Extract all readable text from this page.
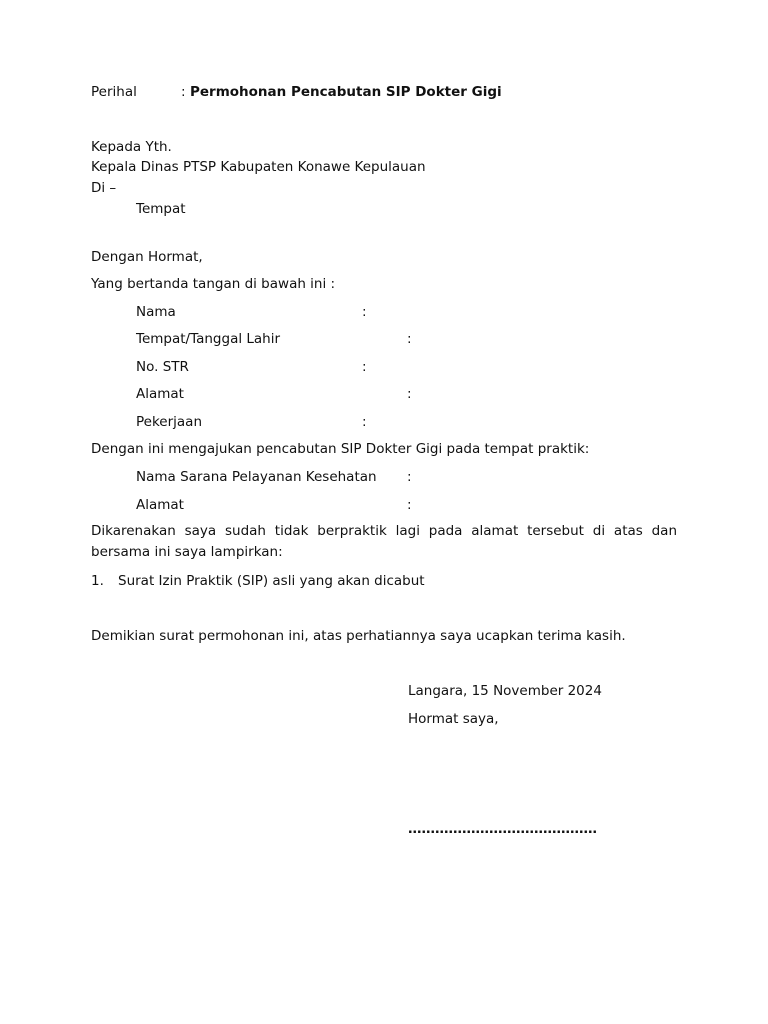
Perihal	: Permohonan Pencabutan SIP Dokter Gigi
Kepada Yth.
Kepala Dinas PTSP Kabupaten Konawe Kepulauan
Di –
Tempat
Dengan Hormat,
Yang bertanda tangan di bawah ini :
Nama	:
Tempat/Tanggal Lahir	:
No. STR	:
Alamat	:
Pekerjaan	:
Dengan ini mengajukan pencabutan SIP Dokter Gigi pada tempat praktik:
Nama Sarana Pelayanan Kesehatan :
Alamat	:
Dikarenakan saya sudah tidak berpraktik lagi pada alamat tersebut di atas dan bersama ini saya lampirkan:
1. Surat Izin Praktik (SIP) asli yang akan dicabut
Demikian surat permohonan ini, atas perhatiannya saya ucapkan terima kasih.
Langara, 15 November 2024
Hormat saya,
……………………………………
